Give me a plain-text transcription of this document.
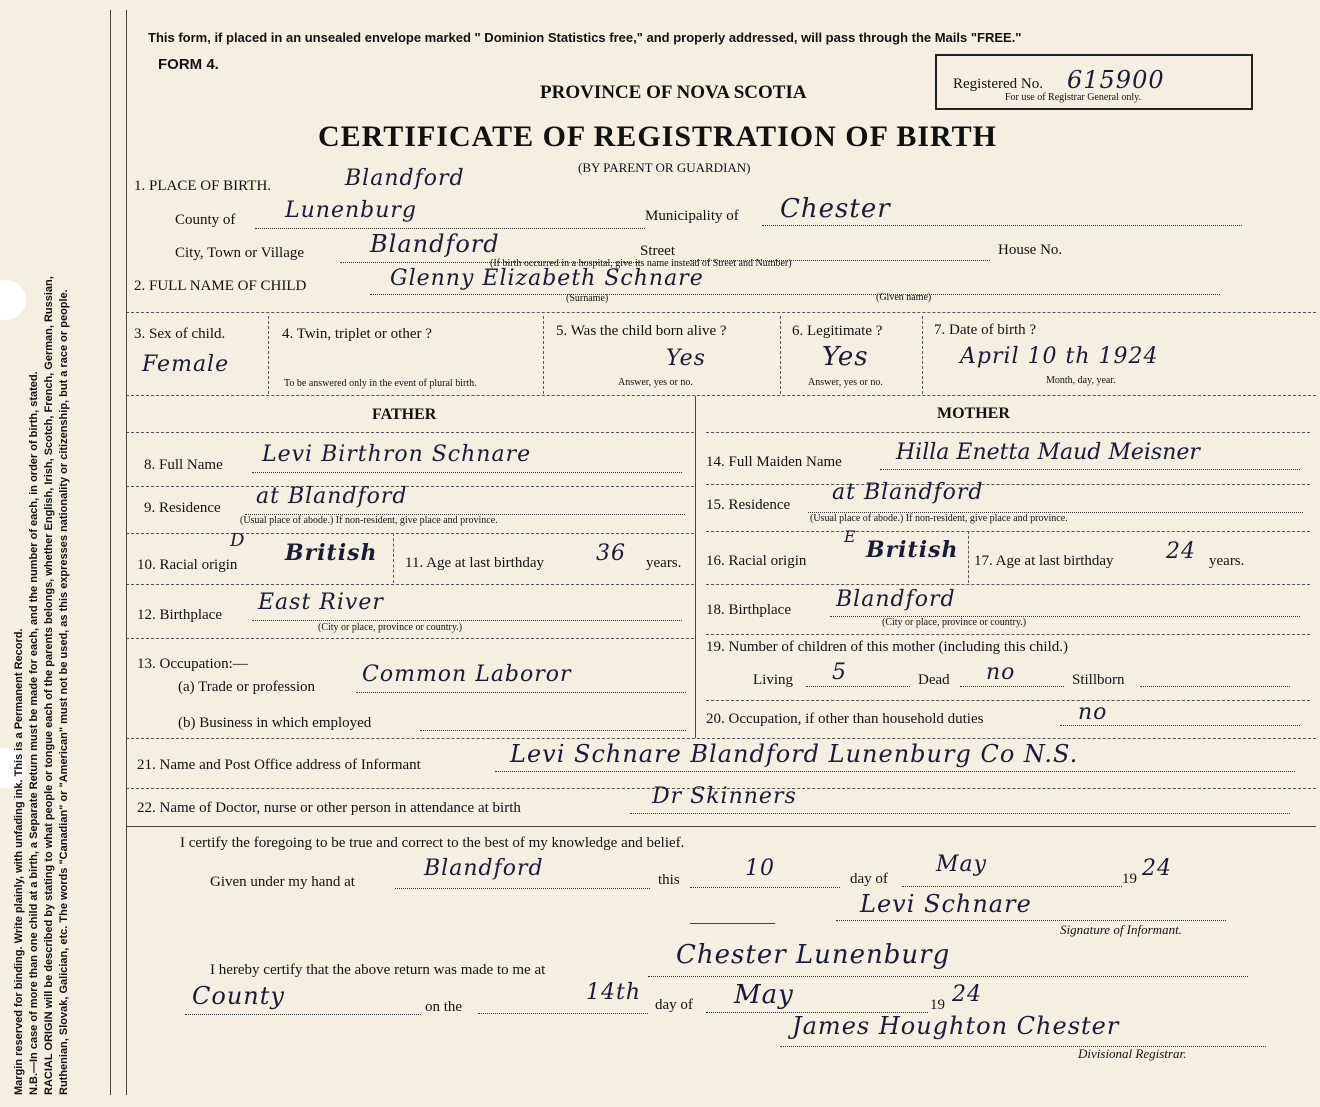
Margin reserved for binding. Write plainly, with unfading ink. This is a Permanent Record. N.B.—In case of more than one child at a birth, a Separate Return must be made for each, and the number of each, in order of birth, stated. RACIAL ORIGIN will be described by stating to what people or tongue each of the parents belongs, whether English, Irish, Scotch, French, German, Russian, Ruthenian, Slovak, Galician, etc. The words "Canadian" or "American" must not be used, as this expresses nationality or citizenship, but a race or people.
This form, if placed in an unsealed envelope marked " Dominion Statistics free," and properly addressed, will pass through the Mails "FREE."
FORM 4.
PROVINCE OF NOVA SCOTIA
CERTIFICATE OF REGISTRATION OF BIRTH
(BY PARENT OR GUARDIAN)
Registered No. 615900
For use of Registrar General only.
1. PLACE OF BIRTH.	Blandford
County of Lunenburg	Municipality of Chester
City, Town or Village	Blandford	Street	House No.
(If birth occurred in a hospital, give its name instead of Street and Number)
2. FULL NAME OF CHILD	Glenny Elizabeth Schnare
(Surname)	(Given name)
3. Sex of child.
Female
4. Twin, triplet or other ?
To be answered only in the event of plural birth.
5. Was the child born alive ?
Yes
Answer, yes or no.
6. Legitimate ?
Yes
Answer, yes or no.
7. Date of birth ?
April 10 th 1924
Month, day, year.
FATHER
8. Full Name Levi Birthron Schnare
9. Residence at Blandford
(Usual place of abode.) If non-resident, give place and province.
10. Racial origin
D British 11. Age at last birthday 36 years.
12. Birthplace East River
(City or place, province or country.)
13. Occupation:—
(a) Trade or profession Common Laboror
(b) Business in which employed
MOTHER
14. Full Maiden Name Hilla Enetta Maud Meisner
15. Residence at Blandford
(Usual place of abode.) If non-resident, give place and province.
16. Racial origin
E
British 17. Age at last birthday 24 years.
18. Birthplace Blandford
(City or place, province or country.)
19. Number of children of this mother (including this child.)
Living 5	Dead no	Stillborn
20. Occupation, if other than household duties	no
21. Name and Post Office address of Informant	Levi Schnare Blandford Lunenburg Co N.S.
22. Name of Doctor, nurse or other person in attendance at birth	Dr Skinners
I certify the foregoing to be true and correct to the best of my knowledge and belief.
Given under my hand at
Blandford	this	10	day of
May
19 24
Levi Schnare
Signature of Informant.
I hereby certify that the above return was made to me at	Chester Lunenburg
County	on the
14th day of May	19 24
James Houghton Chester
Divisional Registrar.
